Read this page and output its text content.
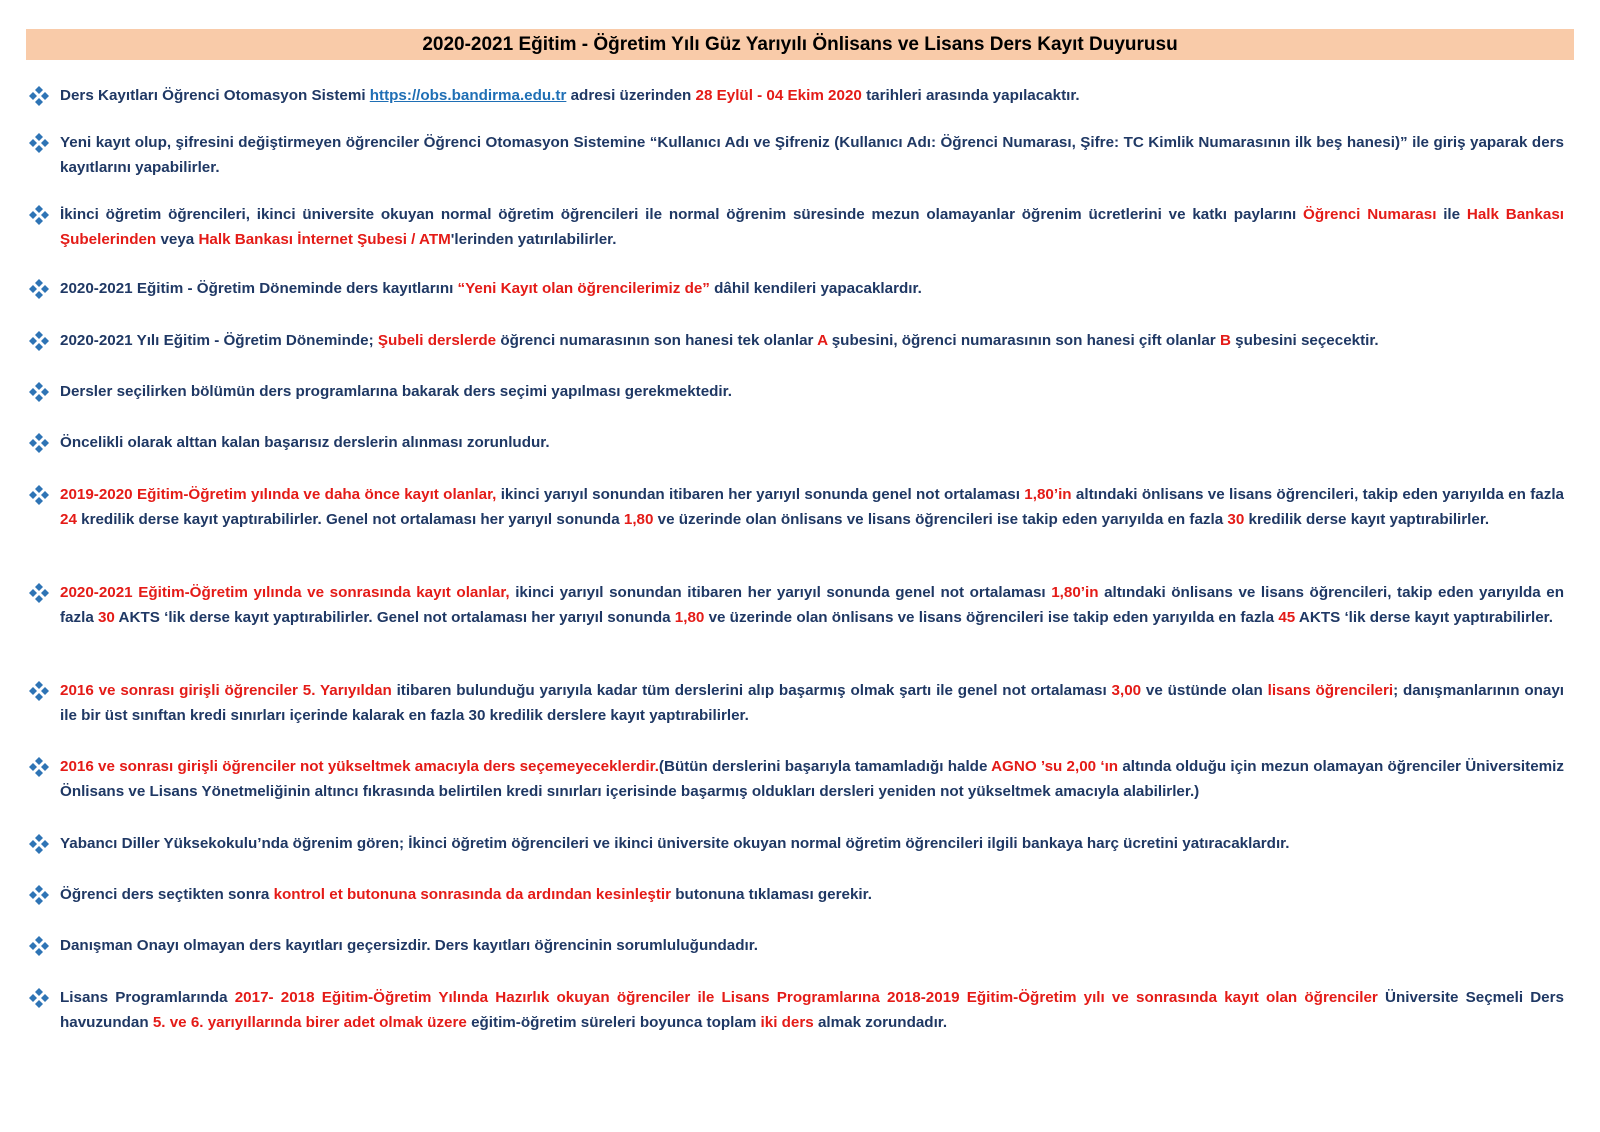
2020-2021 Eğitim - Öğretim Yılı Güz Yarıyılı Önlisans ve Lisans Ders Kayıt Duyurusu
Ders Kayıtları Öğrenci Otomasyon Sistemi https://obs.bandirma.edu.tr adresi üzerinden 28 Eylül - 04 Ekim 2020 tarihleri arasında yapılacaktır.
Yeni kayıt olup, şifresini değiştirmeyen öğrenciler Öğrenci Otomasyon Sistemine “Kullanıcı Adı ve Şifreniz (Kullanıcı Adı: Öğrenci Numarası, Şifre: TC Kimlik Numarasının ilk beş hanesi)” ile giriş yaparak ders kayıtlarını yapabilirler.
İkinci öğretim öğrencileri, ikinci üniversite okuyan normal öğretim öğrencileri ile normal öğrenim süresinde mezun olamayanlar öğrenim ücretlerini ve katkı paylarını Öğrenci Numarası ile Halk Bankası Şubelerinden veya Halk Bankası İnternet Şubesi / ATM'lerinden yatırılabilirler.
2020-2021 Eğitim - Öğretim Döneminde ders kayıtlarını “Yeni Kayıt olan öğrencilerimiz de” dâhil kendileri yapacaklardır.
2020-2021 Yılı Eğitim - Öğretim Döneminde; Şubeli derslerde öğrenci numarasının son hanesi tek olanlar A şubesini, öğrenci numarasının son hanesi çift olanlar B şubesini seçecektir.
Dersler seçilirken bölümün ders programlarına bakarak ders seçimi yapılması gerekmektedir.
Öncelikli olarak alttan kalan başarısız derslerin alınması zorunludur.
2019-2020 Eğitim-Öğretim yılında ve daha önce kayıt olanlar, ikinci yarıyıl sonundan itibaren her yarıyıl sonunda genel not ortalaması 1,80’in altındaki önlisans ve lisans öğrencileri, takip eden yarıyılda en fazla 24 kredilik derse kayıt yaptırabilirler. Genel not ortalaması her yarıyıl sonunda 1,80 ve üzerinde olan önlisans ve lisans öğrencileri ise takip eden yarıyılda en fazla 30 kredilik derse kayıt yaptırabilirler.
2020-2021 Eğitim-Öğretim yılında ve sonrasında kayıt olanlar, ikinci yarıyıl sonundan itibaren her yarıyıl sonunda genel not ortalaması 1,80’in altındaki önlisans ve lisans öğrencileri, takip eden yarıyılda en fazla 30 AKTS ‘lik derse kayıt yaptırabilirler. Genel not ortalaması her yarıyıl sonunda 1,80 ve üzerinde olan önlisans ve lisans öğrencileri ise takip eden yarıyılda en fazla 45 AKTS ‘lik derse kayıt yaptırabilirler.
2016 ve sonrası girişli öğrenciler 5. Yarıyıldan itibaren bulunduğu yarıyıla kadar tüm derslerini alıp başarmış olmak şartı ile genel not ortalaması 3,00 ve üstünde olan lisans öğrencileri; danışmanlarının onayı ile bir üst sınıftan kredi sınırları içerinde kalarak en fazla 30 kredilik derslere kayıt yaptırabilirler.
2016 ve sonrası girişli öğrenciler not yükseltmek amacıyla ders seçemeyeceklerdir.(Bütün derslerini başarıyla tamamladığı halde AGNO ’su 2,00 ‘ın altında olduğu için mezun olamayan öğrenciler Üniversitemiz Önlisans ve Lisans Yönetmeliğinin altıncı fıkrasında belirtilen kredi sınırları içerisinde başarmış oldukları dersleri yeniden not yükseltmek amacıyla alabilirler.)
Yabancı Diller Yüksekokulu’nda öğrenim gören; İkinci öğretim öğrencileri ve ikinci üniversite okuyan normal öğretim öğrencileri ilgili bankaya harç ücretini yatıracaklardır.
Öğrenci ders seçtikten sonra kontrol et butonuna sonrasında da ardından kesinleştir butonuna tıklaması gerekir.
Danışman Onayı olmayan ders kayıtları geçersizdir. Ders kayıtları öğrencinin sorumluluğundadır.
Lisans Programlarında 2017- 2018 Eğitim-Öğretim Yılında Hazırlık okuyan öğrenciler ile Lisans Programlarına 2018-2019 Eğitim-Öğretim yılı ve sonrasında kayıt olan öğrenciler Üniversite Seçmeli Ders havuzundan 5. ve 6. yarıyıllarında birer adet olmak üzere eğitim-öğretim süreleri boyunca toplam iki ders almak zorundadır.
